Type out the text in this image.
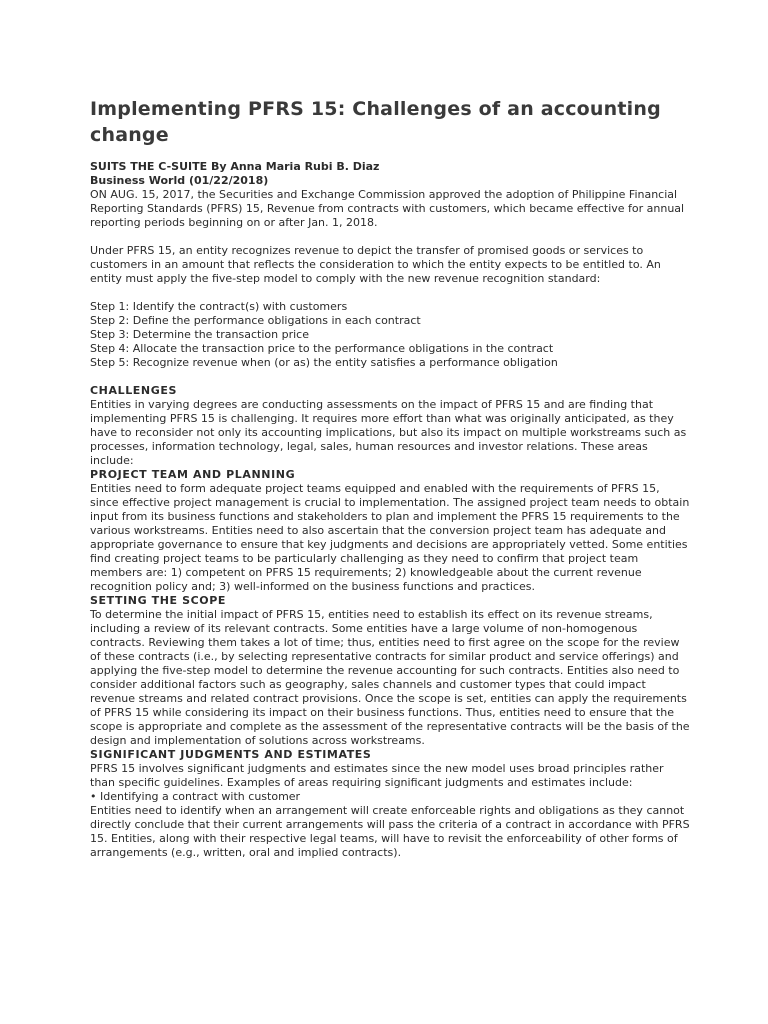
Implementing PFRS 15: Challenges of an accounting change
SUITS THE C-SUITE By Anna Maria Rubi B. Diaz
Business World (01/22/2018)

ON AUG. 15, 2017, the Securities and Exchange Commission approved the adoption of Philippine Financial Reporting Standards (PFRS) 15, Revenue from contracts with customers, which became effective for annual reporting periods beginning on or after Jan. 1, 2018.

Under PFRS 15, an entity recognizes revenue to depict the transfer of promised goods or services to customers in an amount that reflects the consideration to which the entity expects to be entitled to. An entity must apply the five-step model to comply with the new revenue recognition standard:

Step 1: Identify the contract(s) with customers
Step 2: Define the performance obligations in each contract
Step 3: Determine the transaction price
Step 4: Allocate the transaction price to the performance obligations in the contract
Step 5: Recognize revenue when (or as) the entity satisfies a performance obligation
CHALLENGES

Entities in varying degrees are conducting assessments on the impact of PFRS 15 and are finding that implementing PFRS 15 is challenging. It requires more effort than what was originally anticipated, as they have to reconsider not only its accounting implications, but also its impact on multiple workstreams such as processes, information technology, legal, sales, human resources and investor relations. These areas include:

PROJECT TEAM AND PLANNING

Entities need to form adequate project teams equipped and enabled with the requirements of PFRS 15, since effective project management is crucial to implementation. The assigned project team needs to obtain input from its business functions and stakeholders to plan and implement the PFRS 15 requirements to the various workstreams. Entities need to also ascertain that the conversion project team has adequate and appropriate governance to ensure that key judgments and decisions are appropriately vetted. Some entities find creating project teams to be particularly challenging as they need to confirm that project team members are: 1) competent on PFRS 15 requirements; 2) knowledgeable about the current revenue recognition policy and; 3) well-informed on the business functions and practices.

SETTING THE SCOPE

To determine the initial impact of PFRS 15, entities need to establish its effect on its revenue streams, including a review of its relevant contracts. Some entities have a large volume of non-homogenous contracts. Reviewing them takes a lot of time; thus, entities need to first agree on the scope for the review of these contracts (i.e., by selecting representative contracts for similar product and service offerings) and applying the five-step model to determine the revenue accounting for such contracts. Entities also need to consider additional factors such as geography, sales channels and customer types that could impact revenue streams and related contract provisions. Once the scope is set, entities can apply the requirements of PFRS 15 while considering its impact on their business functions. Thus, entities need to ensure that the scope is appropriate and complete as the assessment of the representative contracts will be the basis of the design and implementation of solutions across workstreams.

SIGNIFICANT JUDGMENTS AND ESTIMATES

PFRS 15 involves significant judgments and estimates since the new model uses broad principles rather than specific guidelines. Examples of areas requiring significant judgments and estimates include:

• Identifying a contract with customer

Entities need to identify when an arrangement will create enforceable rights and obligations as they cannot directly conclude that their current arrangements will pass the criteria of a contract in accordance with PFRS 15. Entities, along with their respective legal teams, will have to revisit the enforceability of other forms of arrangements (e.g., written, oral and implied contracts).
